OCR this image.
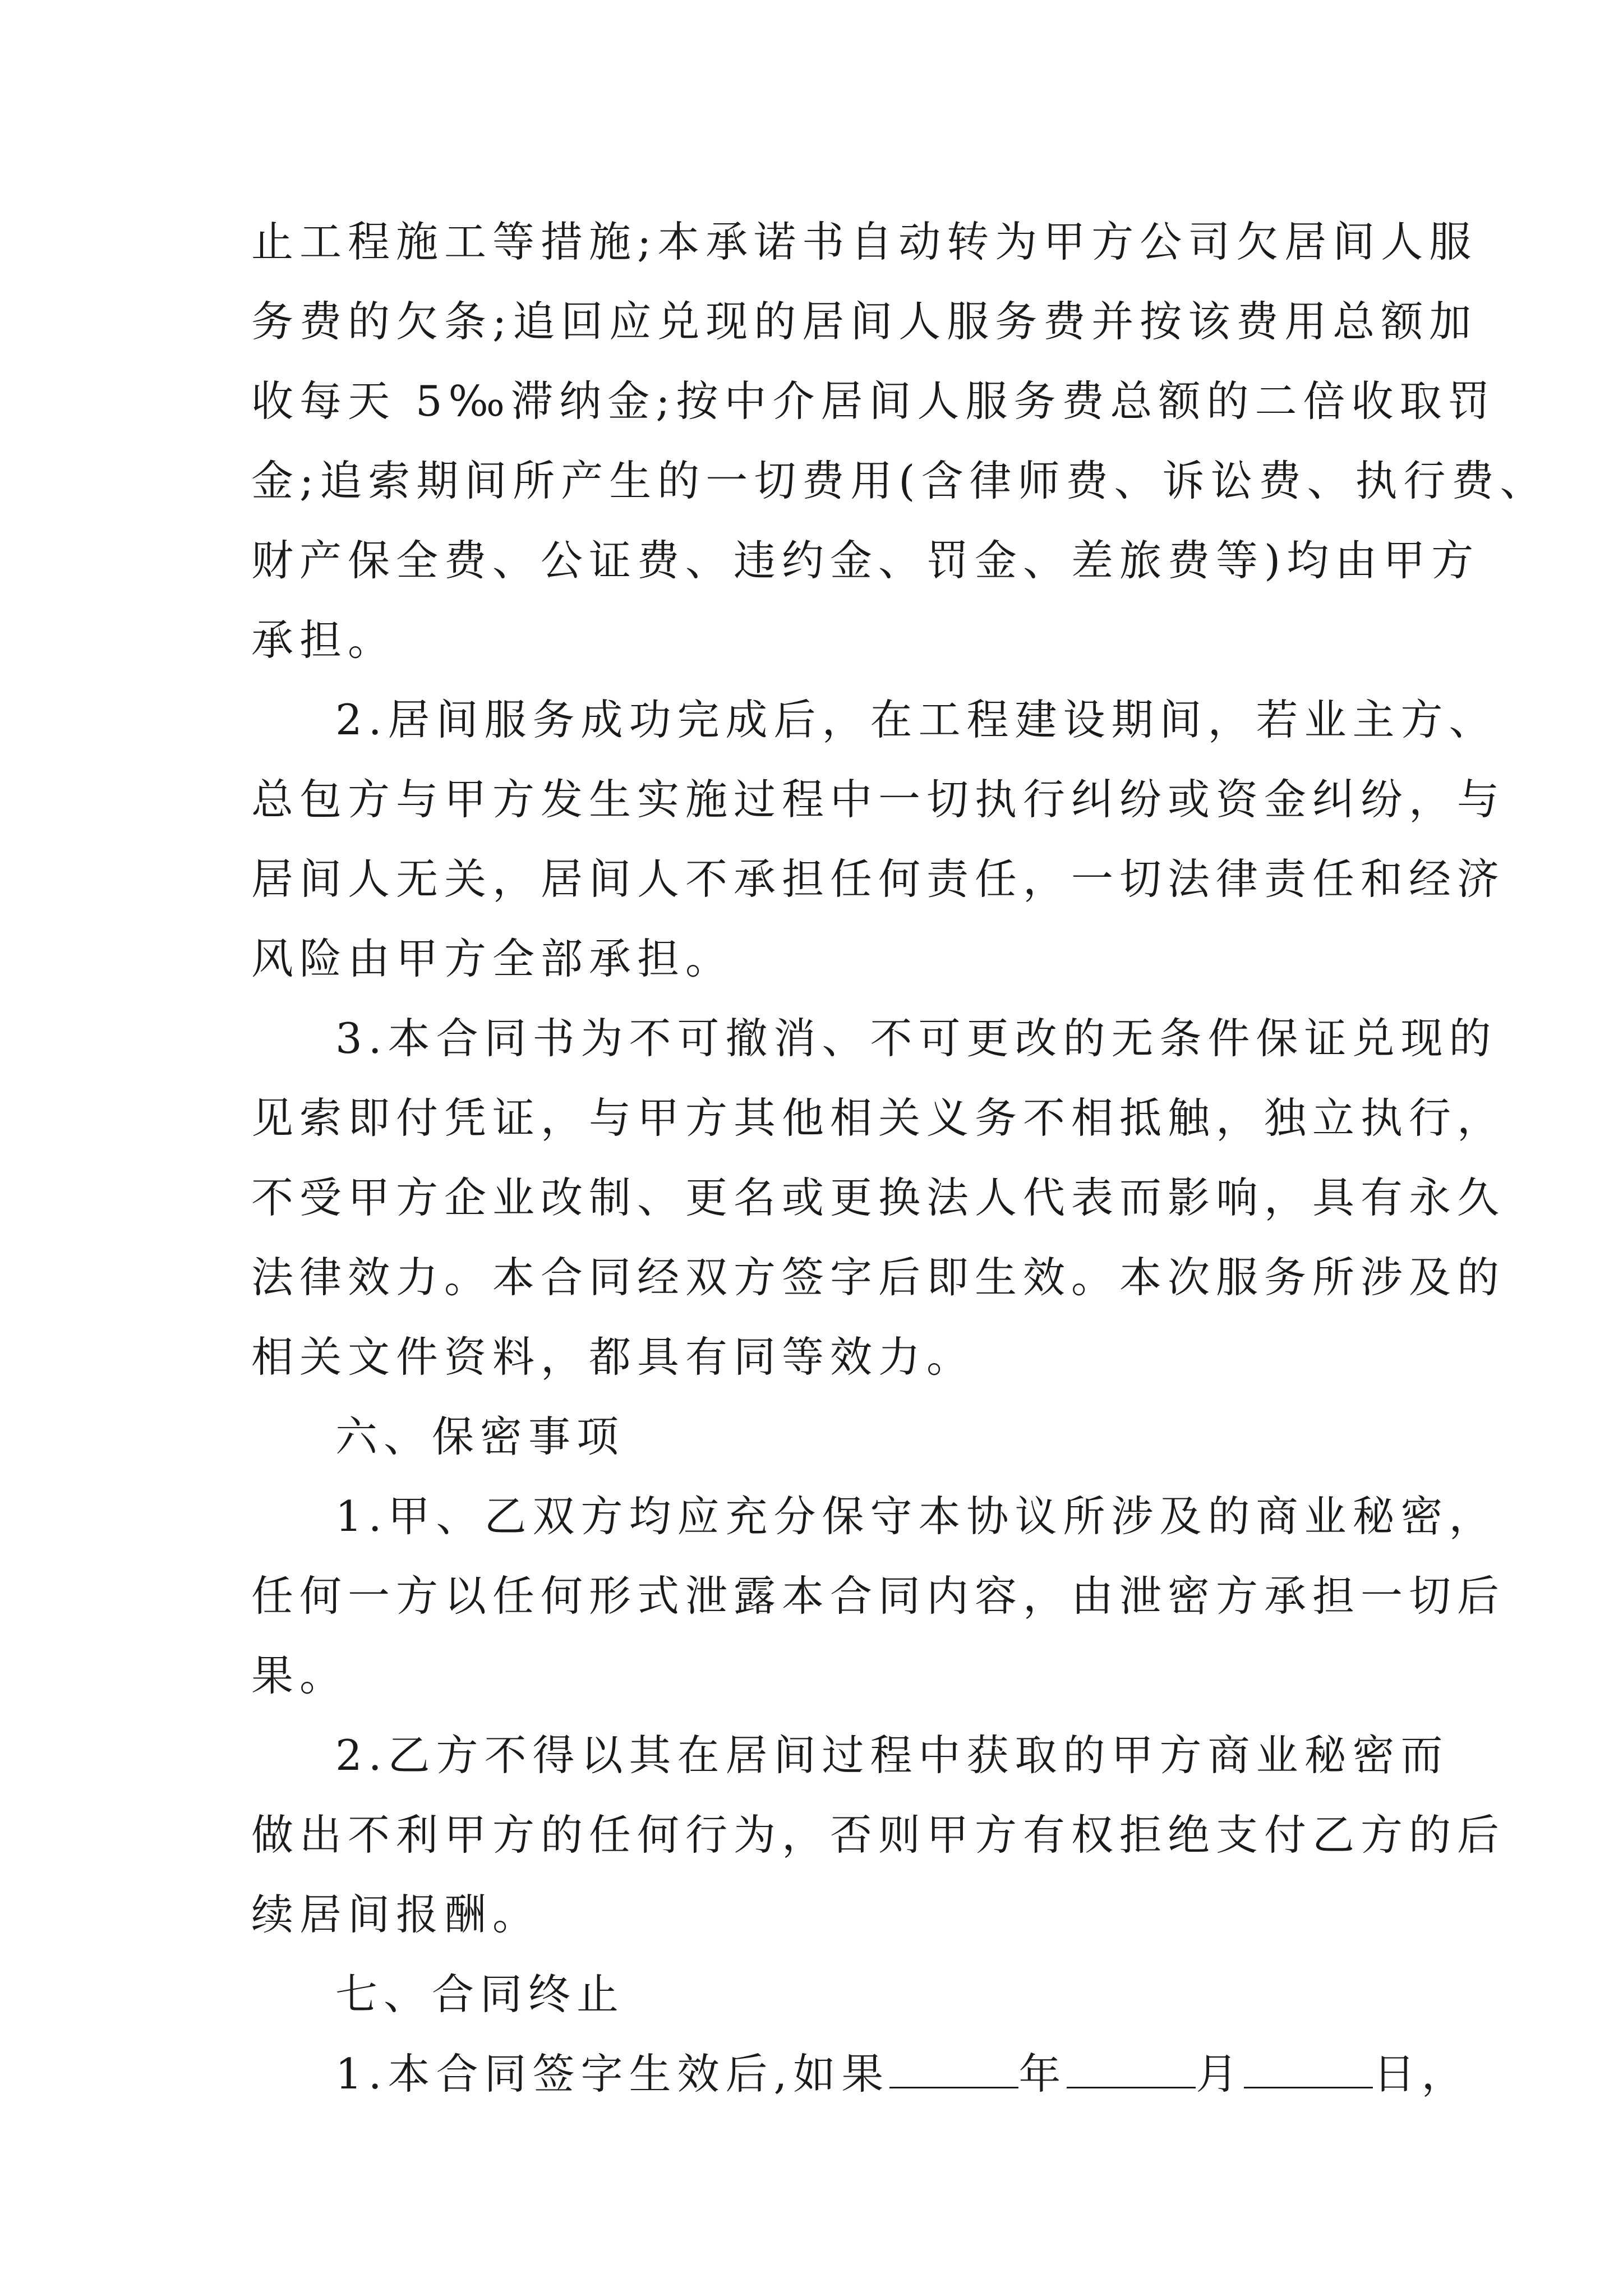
止工程施工等措施;本承诺书自动转为甲方公司欠居间人服

务费的欠条;追回应兑现的居间人服务费并按该费用总额加

收每天 5‰滞纳金;按中介居间人服务费总额的二倍收取罚

金;追索期间所产生的一切费用(含律师费、诉讼费、执行费、

财产保全费、公证费、违约金、罚金、差旅费等)均由甲方

承担。

2.居间服务成功完成后，在工程建设期间，若业主方、

总包方与甲方发生实施过程中一切执行纠纷或资金纠纷，与

居间人无关，居间人不承担任何责任，一切法律责任和经济

风险由甲方全部承担。

3.本合同书为不可撤消、不可更改的无条件保证兑现的

见索即付凭证，与甲方其他相关义务不相抵触，独立执行，

不受甲方企业改制、更名或更换法人代表而影响，具有永久

法律效力。本合同经双方签字后即生效。本次服务所涉及的

相关文件资料，都具有同等效力。

六、保密事项

1.甲、乙双方均应充分保守本协议所涉及的商业秘密，

任何一方以任何形式泄露本合同内容，由泄密方承担一切后

果。

2.乙方不得以其在居间过程中获取的甲方商业秘密而

做出不利甲方的任何行为，否则甲方有权拒绝支付乙方的后

续居间报酬。

七、合同终止

1.本合同签字生效后,如果	年	月	日，
